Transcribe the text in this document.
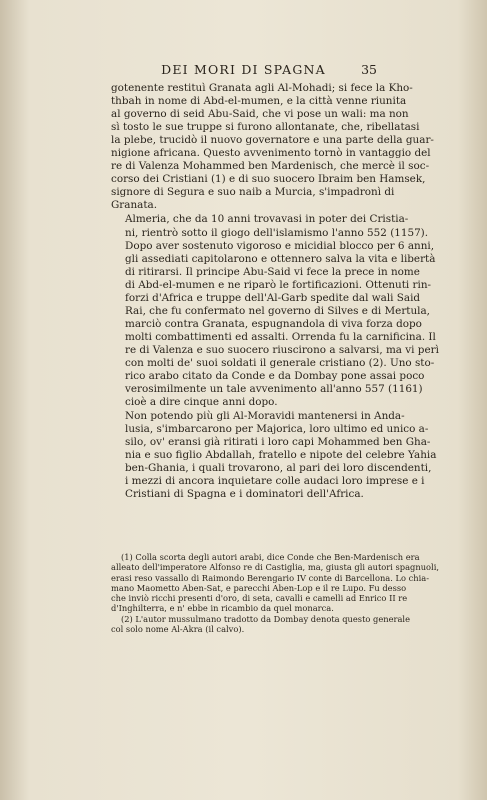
DEI MORI DI SPAGNA	35
gotenente restituì Granata agli Al-Mohadi; si fece la Kho-
thbah in nome di Abd-el-mumen, e la città venne riunita
al governo di seid Abu-Said, che vi pose un wali: ma non
sì tosto le sue truppe si furono allontanate, che, ribellatasi
la plebe, trucidò il nuovo governatore e una parte della guar-
nigione africana. Questo avvenimento tornò in vantaggio del
re di Valenza Mohammed ben Mardenisch, che mercè il soc-
corso dei Cristiani (1) e di suo suocero Ibraim ben Hamsek,
signore di Segura e suo naib a Murcia, s'impadronì di
Granata.
Almeria, che da 10 anni trovavasi in poter dei Cristia-
ni, rientrò sotto il giogo dell'islamismo l'anno 552 (1157).
Dopo aver sostenuto vigoroso e micidial blocco per 6 anni,
gli assediati capitolarono e ottennero salva la vita e libertà
di ritirarsi. Il principe Abu-Said vi fece la prece in nome
di Abd-el-mumen e ne riparò le fortificazioni. Ottenuti rin-
forzi d'Africa e truppe dell'Al-Garb spedite dal wali Said
Rai, che fu confermato nel governo di Silves e di Mertula,
marciò contra Granata, espugnandola di viva forza dopo
molti combattimenti ed assalti. Orrenda fu la carnificina. Il
re di Valenza e suo suocero riuscirono a salvarsi, ma vi perì
con molti de' suoi soldati il generale cristiano (2). Uno sto-
rico arabo citato da Conde e da Dombay pone assai poco
verosimilmente un tale avvenimento all'anno 557 (1161)
cioè a dire cinque anni dopo.
Non potendo più gli Al-Moravidi mantenersi in Anda-
lusia, s'imbarcarono per Majorica, loro ultimo ed unico a-
silo, ov' eransi già ritirati i loro capi Mohammed ben Gha-
nia e suo figlio Abdallah, fratello e nipote del celebre Yahia
ben-Ghania, i quali trovarono, al pari dei loro discendenti,
i mezzi di ancora inquietare colle audaci loro imprese e i
Cristiani di Spagna e i dominatori dell'Africa.
(1) Colla scorta degli autori arabi, dice Conde che Ben-Mardenisch era
alleato dell'imperatore Alfonso re di Castiglia, ma, giusta gli autori spagnuoli,
erasi reso vassallo di Raimondo Berengario IV conte di Barcellona. Lo chia-
mano Maometto Aben-Sat, e parecchi Aben-Lop e il re Lupo. Fu desso
che inviò ricchi presenti d'oro, di seta, cavalli e camelli ad Enrico II re
d'Inghilterra, e n' ebbe in ricambio da quel monarca.
(2) L'autor mussulmano tradotto da Dombay denota questo generale
col solo nome Al-Akra (il calvo).
